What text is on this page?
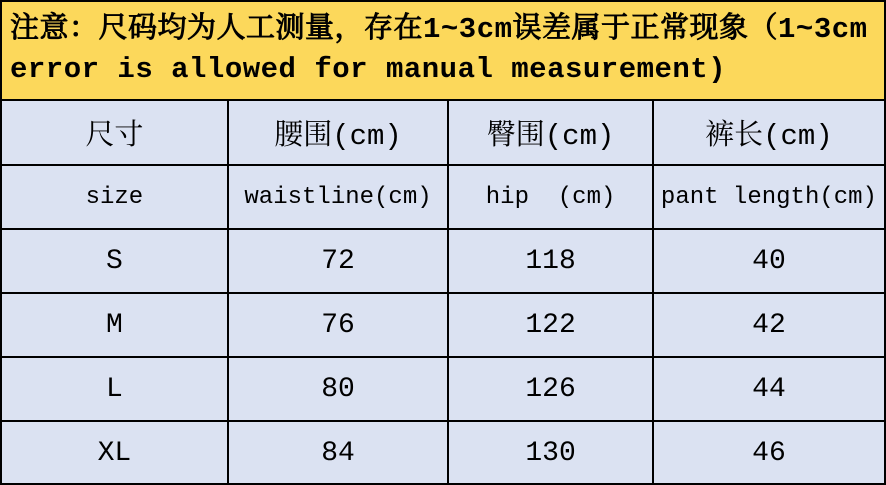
注意：尺码均为人工测量，存在1~3cm误差属于正常现象（1~3cm
error is allowed for manual measurement)
尺寸	腰围(cm)	臀围(cm)	裤长(cm)
size	waistline(cm)	hip  (cm)	pant length(cm)
S	72	118	40
M	76	122	42
L	80	126	44
XL	84	130	46
